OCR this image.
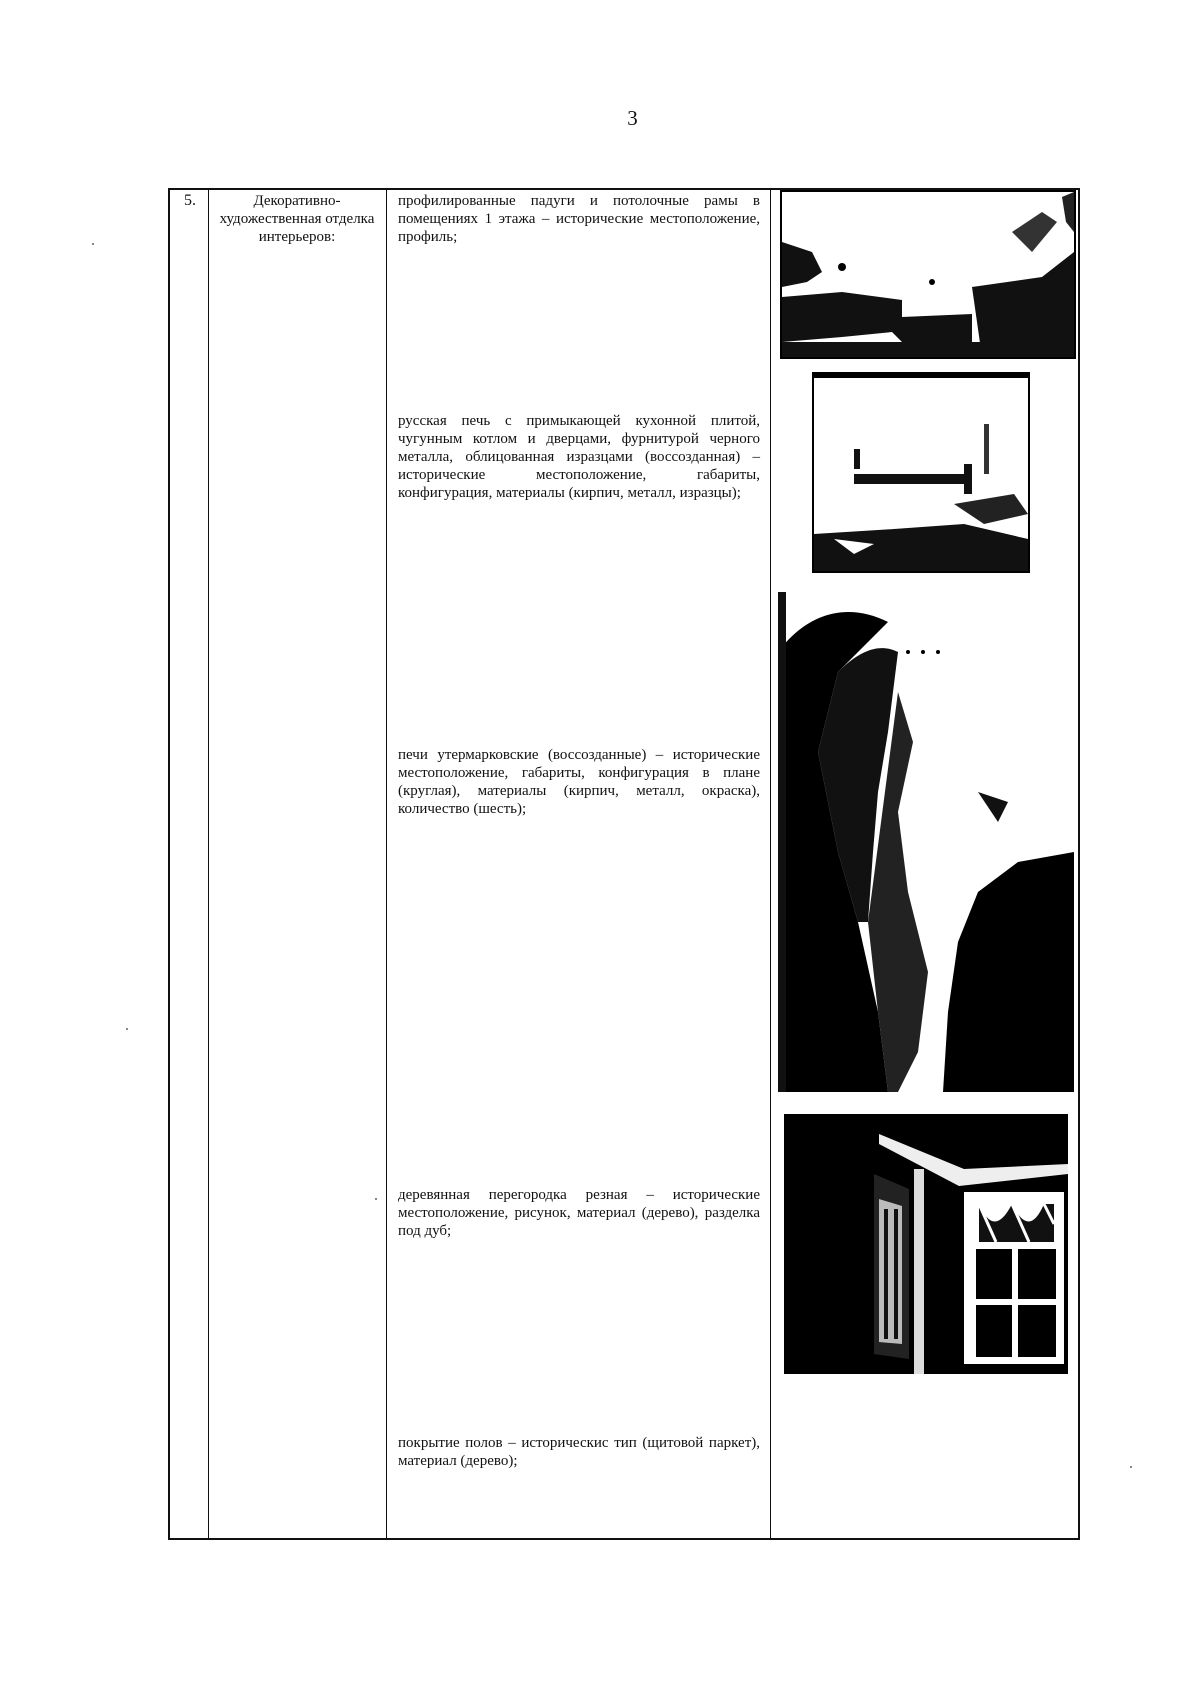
3
5.	Декоративно-художественная отделка интерьеров:
профилированные падуги и потолочные рамы в помещениях 1 этажа – исторические местоположение, профиль;
русская печь с примыкающей кухонной плитой, чугунным котлом и дверцами, фурнитурой черного металла, облицованная изразцами (воссозданная) – исторические местоположение, габариты, конфигурация, материалы (кирпич, металл, изразцы);
печи утермарковские (воссозданные) – исторические местоположение, габариты, конфигурация в плане (круглая), материалы (кирпич, металл, окраска), количество (шесть);
деревянная перегородка резная – исторические местоположение, рисунок, материал (дерево), разделка под дуб;
покрытие полов – историческис тип (щитовой паркет), материал (дерево);
